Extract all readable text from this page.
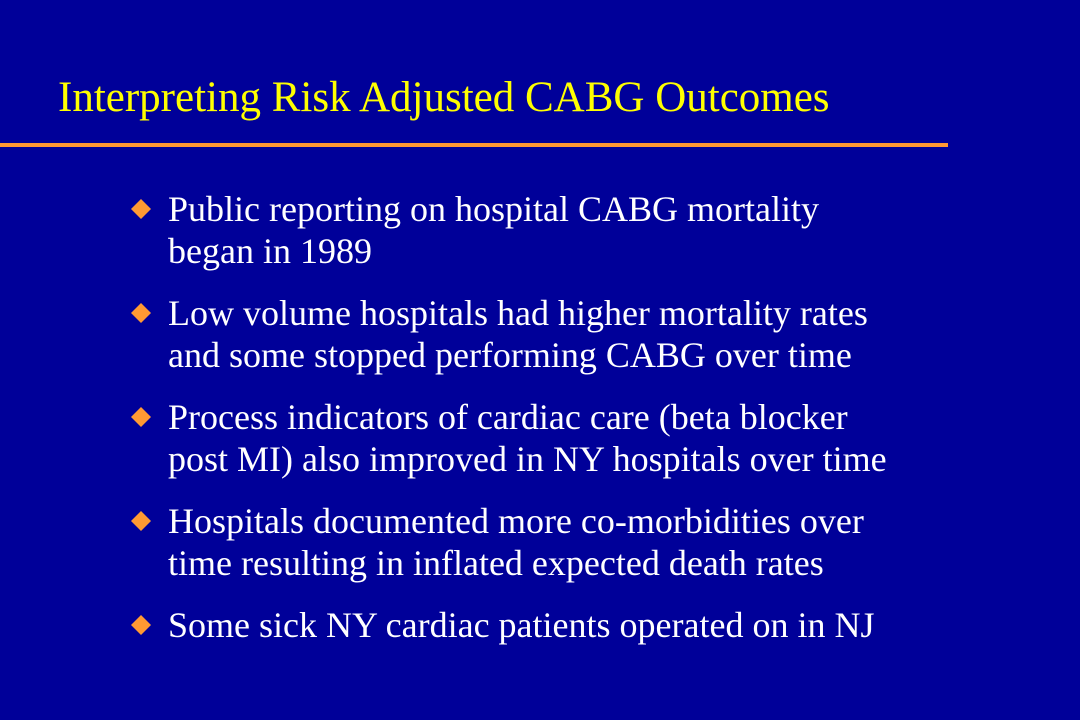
Interpreting Risk Adjusted CABG Outcomes
Public reporting on hospital CABG mortality
began in 1989
Low volume hospitals had higher mortality rates
and some stopped performing CABG over time
Process indicators of cardiac care (beta blocker
post MI) also improved in NY hospitals over time
Hospitals documented more co-morbidities over
time resulting in inflated expected death rates
Some sick NY cardiac patients operated on in NJ
